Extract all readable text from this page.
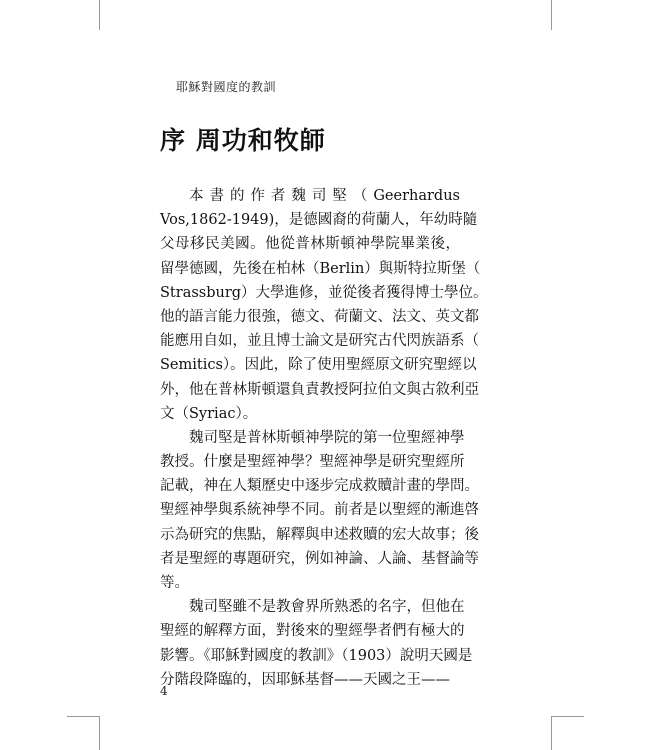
耶穌對國度的教訓
序 周功和牧師
本書的作者魏司堅（Geerhardus
Vos,1862-1949)，是德國裔的荷蘭人，年幼時隨
父母移民美國。他從普林斯頓神學院畢業後，
留學德國，先後在柏林（Berlin）與斯特拉斯堡（
Strassburg）大學進修，並從後者獲得博士學位。
他的語言能力很強，德文、荷蘭文、法文、英文都
能應用自如，並且博士論文是研究古代閃族語系（
Semitics）。因此，除了使用聖經原文研究聖經以
外，他在普林斯頓還負責教授阿拉伯文與古敘利亞
文（Syriac）。
魏司堅是普林斯頓神學院的第一位聖經神學
教授。什麼是聖經神學？聖經神學是研究聖經所
記載，神在人類歷史中逐步完成救贖計畫的學問。
聖經神學與系統神學不同。前者是以聖經的漸進啓
示為研究的焦點，解釋與申述救贖的宏大故事；後
者是聖經的專題研究，例如神論、人論、基督論等
等。
魏司堅雖不是教會界所熟悉的名字，但他在
聖經的解釋方面，對後來的聖經學者們有極大的
影響。《耶穌對國度的教訓》（1903）說明天國是
分階段降臨的，因耶穌基督——天國之王——
4
